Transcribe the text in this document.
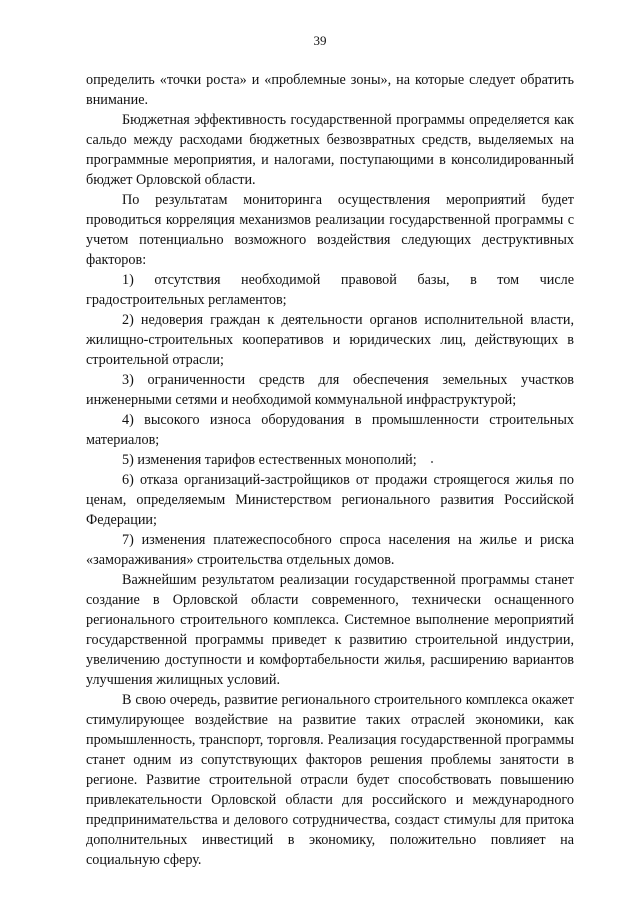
39

определить «точки роста» и «проблемные зоны», на которые следует обратить внимание.

Бюджетная эффективность государственной программы определяется как сальдо между расходами бюджетных безвозвратных средств, выделяемых на программные мероприятия, и налогами, поступающими в консолидированный бюджет Орловской области.

По результатам мониторинга осуществления мероприятий будет проводиться корреляция механизмов реализации государственной программы с учетом потенциально возможного воздействия следующих деструктивных факторов:

1) отсутствия необходимой правовой базы, в том числе градостроительных регламентов;

2) недоверия граждан к деятельности органов исполнительной власти, жилищно-строительных кооперативов и юридических лиц, действующих в строительной отрасли;

3) ограниченности средств для обеспечения земельных участков инженерными сетями и необходимой коммунальной инфраструктурой;

4) высокого износа оборудования в промышленности строительных материалов;

5) изменения тарифов естественных монополий;

6) отказа организаций-застройщиков от продажи строящегося жилья по ценам, определяемым Министерством регионального развития Российской Федерации;

7) изменения платежеспособного спроса населения на жилье и риска «замораживания» строительства отдельных домов.

Важнейшим результатом реализации государственной программы станет создание в Орловской области современного, технически оснащенного регионального строительного комплекса. Системное выполнение мероприятий государственной программы приведет к развитию строительной индустрии, увеличению доступности и комфортабельности жилья, расширению вариантов улучшения жилищных условий.

В свою очередь, развитие регионального строительного комплекса окажет стимулирующее воздействие на развитие таких отраслей экономики, как промышленность, транспорт, торговля. Реализация государственной программы станет одним из сопутствующих факторов решения проблемы занятости в регионе. Развитие строительной отрасли будет способствовать повышению привлекательности Орловской области для российского и международного предпринимательства и делового сотрудничества, создаст стимулы для притока дополнительных инвестиций в экономику, положительно повлияет на социальную сферу.
